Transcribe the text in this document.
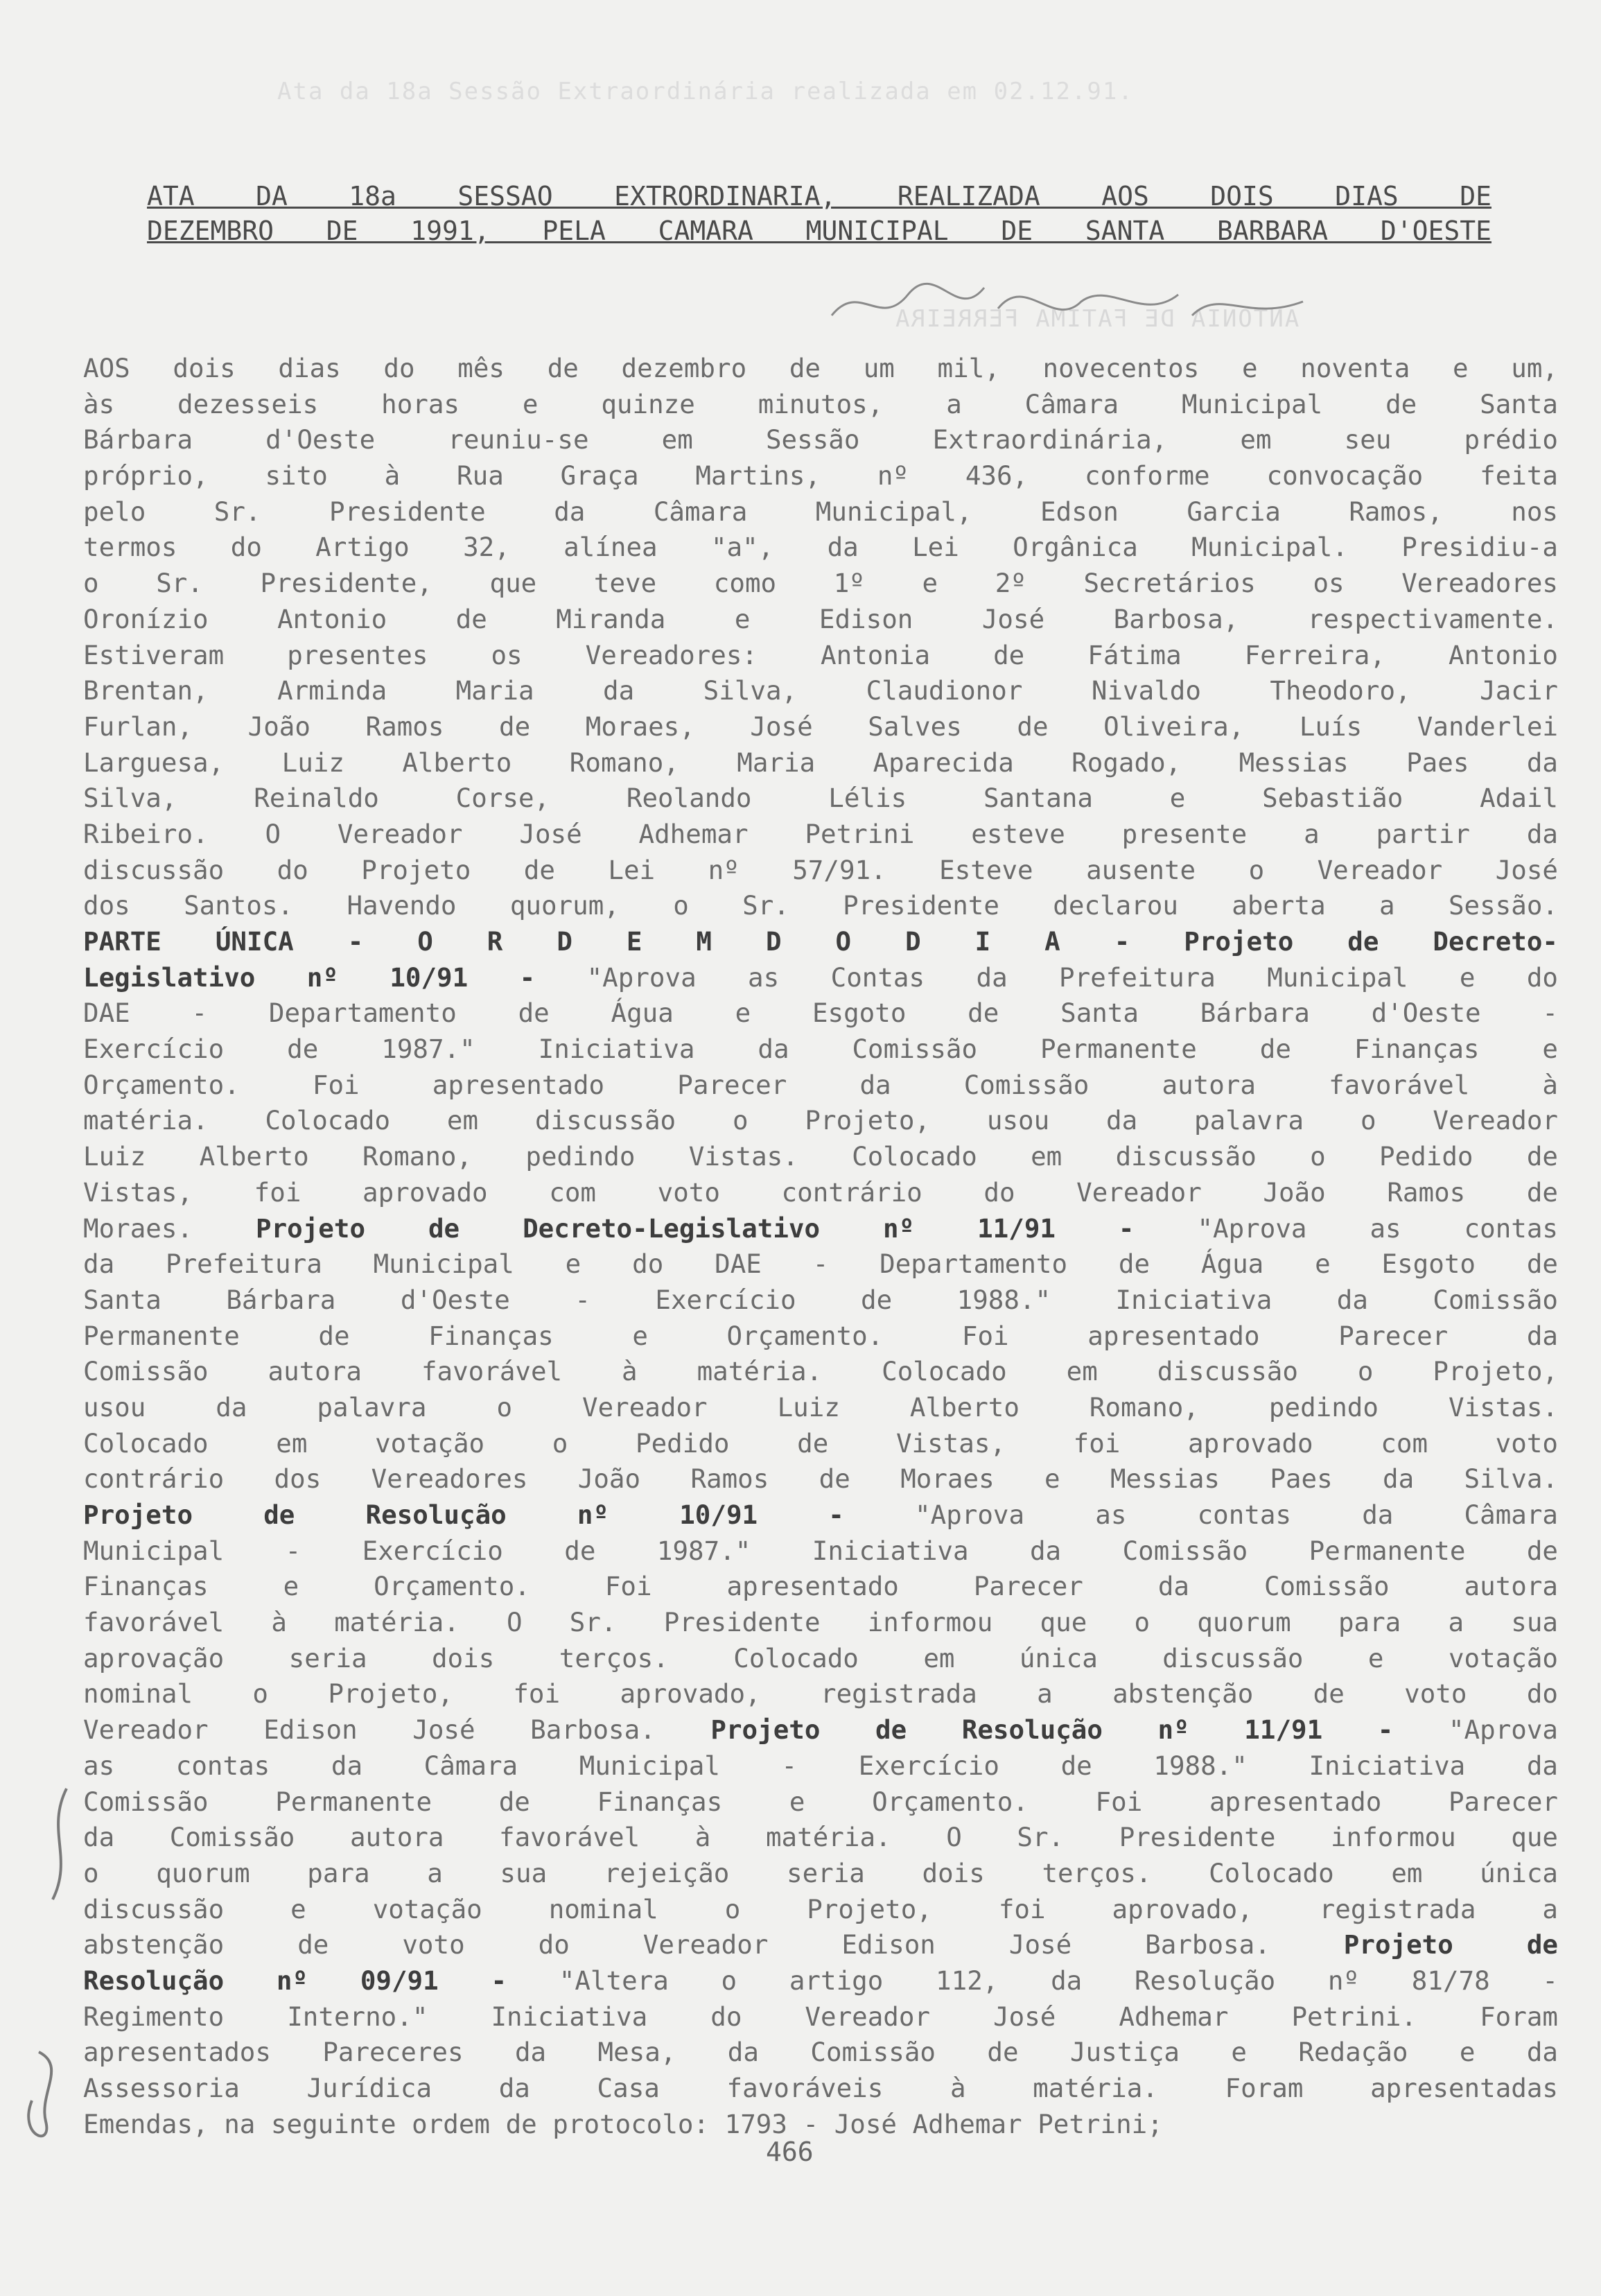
Ata da 18a Sessão Extraordinária realizada em 02.12.91.
ANTONIA DE FATIMA FERREIRA
ATA DA 18a SESSAO EXTRORDINARIA, REALIZADA AOS DOIS DIAS DE
DEZEMBRO DE 1991, PELA CAMARA MUNICIPAL DE SANTA BARBARA D'OESTE
AOS dois dias do mês de dezembro de um mil, novecentos e noventa e um,
às dezesseis horas e quinze minutos, a Câmara Municipal de Santa
Bárbara d'Oeste reuniu-se em Sessão Extraordinária, em seu prédio
próprio, sito à Rua Graça Martins, nº 436, conforme convocação feita
pelo Sr. Presidente da Câmara Municipal, Edson Garcia Ramos, nos
termos do Artigo 32, alínea "a", da Lei Orgânica Municipal. Presidiu-a
o Sr. Presidente, que teve como 1º e 2º Secretários os Vereadores
Oronízio Antonio de Miranda e Edison José Barbosa, respectivamente.
Estiveram presentes os Vereadores: Antonia de Fátima Ferreira, Antonio
Brentan, Arminda Maria da Silva, Claudionor Nivaldo Theodoro, Jacir
Furlan, João Ramos de Moraes, José Salves de Oliveira, Luís Vanderlei
Larguesa, Luiz Alberto Romano, Maria Aparecida Rogado, Messias Paes da
Silva, Reinaldo Corse, Reolando Lélis Santana e Sebastião Adail
Ribeiro. O Vereador José Adhemar Petrini esteve presente a partir da
discussão do Projeto de Lei nº 57/91. Esteve ausente o Vereador José
dos Santos. Havendo quorum, o Sr. Presidente declarou aberta a Sessão.
PARTE ÚNICA - O R D E M D O D I A - Projeto de Decreto-
Legislativo nº 10/91 - "Aprova as Contas da Prefeitura Municipal e do
DAE - Departamento de Água e Esgoto de Santa Bárbara d'Oeste -
Exercício de 1987." Iniciativa da Comissão Permanente de Finanças e
Orçamento. Foi apresentado Parecer da Comissão autora favorável à
matéria. Colocado em discussão o Projeto, usou da palavra o Vereador
Luiz Alberto Romano, pedindo Vistas. Colocado em discussão o Pedido de
Vistas, foi aprovado com voto contrário do Vereador João Ramos de
Moraes. Projeto de Decreto-Legislativo nº 11/91 - "Aprova as contas
da Prefeitura Municipal e do DAE - Departamento de Água e Esgoto de
Santa Bárbara d'Oeste - Exercício de 1988." Iniciativa da Comissão
Permanente de Finanças e Orçamento. Foi apresentado Parecer da
Comissão autora favorável à matéria. Colocado em discussão o Projeto,
usou da palavra o Vereador Luiz Alberto Romano, pedindo Vistas.
Colocado em votação o Pedido de Vistas, foi aprovado com voto
contrário dos Vereadores João Ramos de Moraes e Messias Paes da Silva.
Projeto de Resolução nº 10/91 - "Aprova as contas da Câmara
Municipal - Exercício de 1987." Iniciativa da Comissão Permanente de
Finanças e Orçamento. Foi apresentado Parecer da Comissão autora
favorável à matéria. O Sr. Presidente informou que o quorum para a sua
aprovação seria dois terços. Colocado em única discussão e votação
nominal o Projeto, foi aprovado, registrada a abstenção de voto do
Vereador Edison José Barbosa. Projeto de Resolução nº 11/91 - "Aprova
as contas da Câmara Municipal - Exercício de 1988." Iniciativa da
Comissão Permanente de Finanças e Orçamento. Foi apresentado Parecer
da Comissão autora favorável à matéria. O Sr. Presidente informou que
o quorum para a sua rejeição seria dois terços. Colocado em única
discussão e votação nominal o Projeto, foi aprovado, registrada a
abstenção de voto do Vereador Edison José Barbosa. Projeto de
Resolução nº 09/91 - "Altera o artigo 112, da Resolução nº 81/78 -
Regimento Interno." Iniciativa do Vereador José Adhemar Petrini. Foram
apresentados Pareceres da Mesa, da Comissão de Justiça e Redação e da
Assessoria Jurídica da Casa favoráveis à matéria. Foram apresentadas
Emendas, na seguinte ordem de protocolo: 1793 - José Adhemar Petrini;
466
